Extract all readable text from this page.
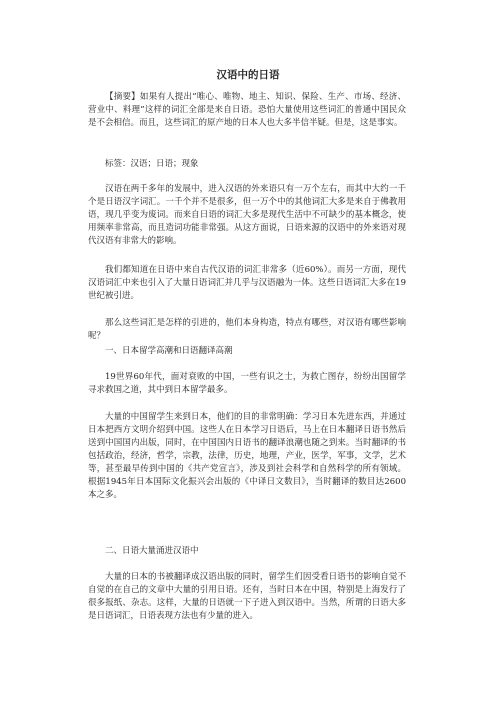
汉语中的日语
【摘要】如果有人提出”唯心、唯物、地主、知识、保险、生产、市场、经济、营业中、料理”这样的词汇全部是来自日语。恐怕大量使用这些词汇的普通中国民众是不会相信。而且，这些词汇的原产地的日本人也大多半信半疑。但是，这是事实。
标签：汉语；日语；现象
汉语在两千多年的发展中，进入汉语的外来语只有一万个左右，而其中大约一千个是日语汉字词汇。一千个并不是很多，但一万个中的其他词汇大多是来自于佛教用语，现几乎变为废词。而来自日语的词汇大多是现代生活中不可缺少的基本概念，使用频率非常高，而且造词功能非常强。从这方面说，日语来源的汉语中的外来语对现代汉语有非常大的影响。
我们都知道在日语中来自古代汉语的词汇非常多（近60%）。而另一方面，现代汉语词汇中来也引入了大量日语词汇并几乎与汉语融为一体。这些日语词汇大多在19世纪被引进。
那么这些词汇是怎样的引进的，他们本身构造，特点有哪些，对汉语有哪些影响呢？
一、日本留学高潮和日语翻译高潮
19世界60年代，面对衰败的中国，一些有识之士，为救亡图存，纷纷出国留学寻求救国之道，其中到日本留学最多。
大量的中国留学生来到日本，他们的目的非常明确：学习日本先进东西，并通过日本把西方文明介绍到中国。这些人在日本学习日语后，马上在日本翻译日语书然后送到中国国内出版，同时，在中国国内日语书的翻译浪潮也随之到来。当时翻译的书包括政治，经济，哲学，宗教，法律，历史，地理，产业，医学，军事，文学，艺术等，甚至最早传到中国的《共产党宣言》，涉及到社会科学和自然科学的所有领域。根据1945年日本国际文化振兴会出版的《中译日文数目》，当时翻译的数目达2600本之多。
二、日语大量涌进汉语中
大量的日本的书被翻译成汉语出版的同时，留学生们因受看日语书的影响自觉不自觉的在自己的文章中大量的引用日语。还有，当时日本在中国，特别是上海发行了很多报纸、杂志。这样，大量的日语就一下子进入到汉语中。当然，所谓的日语大多是日语词汇，日语表现方法也有少量的进入。
